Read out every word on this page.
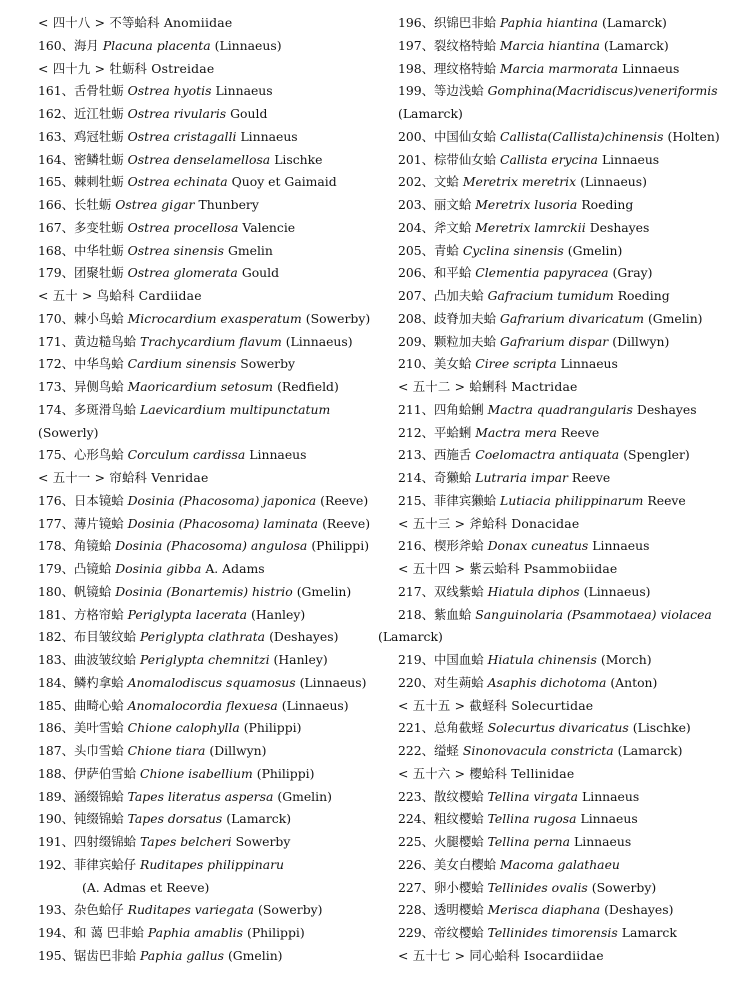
< 四十八 > 不等蛤科 Anomiidae
160、海月 Placuna placenta (Linnaeus)
< 四十九 > 牡蛎科 Ostreidae
161、舌骨牡蛎 Ostrea hyotis Linnaeus
162、近江牡蛎 Ostrea rivularis Gould
163、鸡冠牡蛎 Ostrea cristagalli Linnaeus
164、密鳞牡蛎 Ostrea denselamellosa Lischke
165、棘刺牡蛎 Ostrea echinata Quoy et Gaimaid
166、长牡蛎 Ostrea gigar Thunbery
167、多变牡蛎 Ostrea procellosa Valencie
168、中华牡蛎 Ostrea sinensis Gmelin
179、团聚牡蛎 Ostrea glomerata Gould
< 五十 > 鸟蛤科 Cardiidae
170、棘小鸟蛤 Microcardium exasperatum (Sowerby)
171、黄边糙鸟蛤 Trachycardium flavum (Linnaeus)
172、中华鸟蛤 Cardium sinensis Sowerby
173、异侧鸟蛤 Maoricardium setosum (Redfield)
174、多斑滑鸟蛤 Laevicardium multipunctatum
(Sowerly)
175、心形鸟蛤 Corculum cardissa Linnaeus
< 五十一 > 帘蛤科 Venridae
176、日本镜蛤 Dosinia (Phacosoma) japonica (Reeve)
177、薄片镜蛤 Dosinia (Phacosoma) laminata (Reeve)
178、角镜蛤 Dosinia (Phacosoma) angulosa (Philippi)
179、凸镜蛤 Dosinia gibba A. Adams
180、帆镜蛤 Dosinia (Bonartemis) histrio (Gmelin)
181、方格帘蛤 Periglypta lacerata (Hanley)
182、布目皱纹蛤 Periglypta clathrata (Deshayes)
183、曲波皱纹蛤 Periglypta chemnitzi (Hanley)
184、鳞杓拿蛤 Anomalodiscus squamosus (Linnaeus)
185、曲畸心蛤 Anomalocordia flexuesa (Linnaeus)
186、美叶雪蛤 Chione calophylla (Philippi)
187、头巾雪蛤 Chione tiara (Dillwyn)
188、伊萨伯雪蛤 Chione isabellium (Philippi)
189、涵缀锦蛤 Tapes literatus aspersa (Gmelin)
190、钝缀锦蛤 Tapes dorsatus (Lamarck)
191、四射缀锦蛤 Tapes belcheri Sowerby
192、菲律宾蛤仔 Ruditapes philippinaru
(A. Admas et Reeve)
193、杂色蛤仔 Ruditapes variegata (Sowerby)
194、和 蔼 巴非蛤 Paphia amablis (Philippi)
195、锯齿巴非蛤 Paphia gallus (Gmelin)
196、织锦巴非蛤 Paphia hiantina (Lamarck)
197、裂纹格特蛤 Marcia hiantina (Lamarck)
198、理纹格特蛤 Marcia marmorata Linnaeus
199、等边浅蛤 Gomphina(Macridiscus)veneriformis
(Lamarck)
200、中国仙女蛤 Callista(Callista)chinensis (Holten)
201、棕带仙女蛤 Callista erycina Linnaeus
202、文蛤 Meretrix meretrix (Linnaeus)
203、丽文蛤 Meretrix lusoria Roeding
204、斧文蛤 Meretrix lamrckii Deshayes
205、青蛤 Cyclina sinensis (Gmelin)
206、和平蛤 Clementia papyracea (Gray)
207、凸加夫蛤 Gafracium tumidum Roeding
208、歧脊加夫蛤 Gafrarium divaricatum (Gmelin)
209、颗粒加夫蛤 Gafrarium dispar (Dillwyn)
210、美女蛤 Ciree scripta Linnaeus
< 五十二 > 蛤蜊科 Mactridae
211、四角蛤蜊 Mactra quadrangularis Deshayes
212、平蛤蜊 Mactra mera Reeve
213、西施舌 Coelomactra antiquata (Spengler)
214、奇獭蛤 Lutraria impar Reeve
215、菲律宾獭蛤 Lutiacia philippinarum Reeve
< 五十三 > 斧蛤科 Donacidae
216、楔形斧蛤 Donax cuneatus Linnaeus
< 五十四 > 紫云蛤科 Psammobiidae
217、双线紫蛤 Hiatula diphos (Linnaeus)
218、紫血蛤 Sanguinolaria (Psammotaea) violacea
(Lamarck)
219、中国血蛤 Hiatula chinensis (Morch)
220、对生蒴蛤 Asaphis dichotoma (Anton)
< 五十五 > 截蛏科 Solecurtidae
221、总角截蛏 Solecurtus divaricatus (Lischke)
222、缢蛏 Sinonovacula constricta (Lamarck)
< 五十六 > 樱蛤科 Tellinidae
223、散纹樱蛤 Tellina virgata Linnaeus
224、粗纹樱蛤 Tellina rugosa Linnaeus
225、火腿樱蛤 Tellina perna Linnaeus
226、美女白樱蛤 Macoma galathaeu
227、卵小樱蛤 Tellinides ovalis (Sowerby)
228、透明樱蛤 Merisca diaphana (Deshayes)
229、帝纹樱蛤 Tellinides timorensis Lamarck
< 五十七 > 同心蛤科 Isocardiidae
